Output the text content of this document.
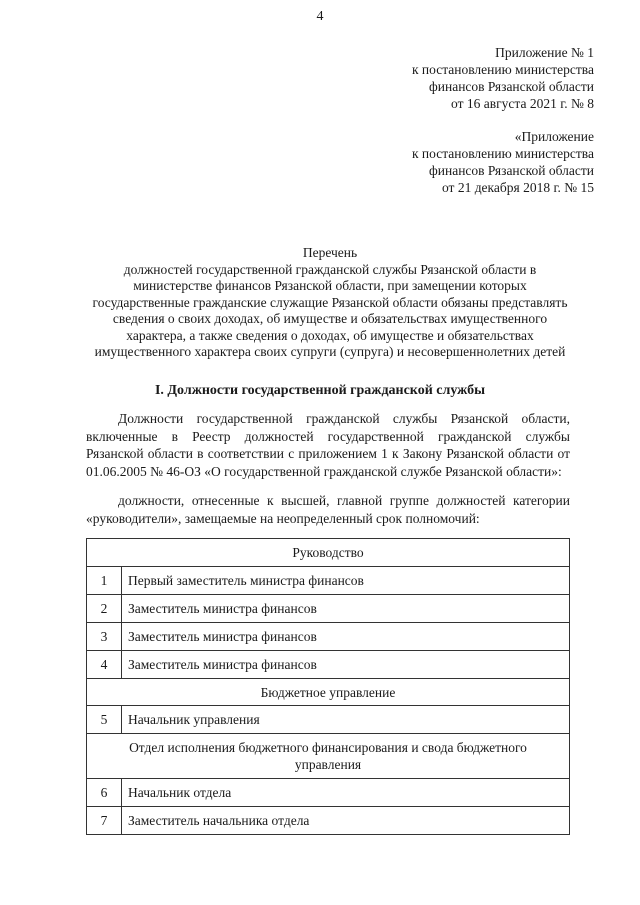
4
Приложение № 1
к постановлению министерства
финансов Рязанской области
от 16 августа 2021 г. № 8
«Приложение
к постановлению министерства
финансов Рязанской области
от 21 декабря 2018 г. № 15
Перечень
должностей государственной гражданской службы Рязанской области в
министерстве финансов Рязанской области, при замещении которых
государственные гражданские служащие Рязанской области обязаны представлять
сведения о своих доходах, об имуществе и обязательствах имущественного
характера, а также сведения о доходах, об имуществе и обязательствах
имущественного характера своих супруги (супруга) и несовершеннолетних детей
I. Должности государственной гражданской службы
Должности государственной гражданской службы Рязанской области,
включенные в Реестр должностей государственной гражданской службы
Рязанской области в соответствии с приложением 1 к Закону Рязанской области от
01.06.2005 № 46-ОЗ «О государственной гражданской службе Рязанской области»:
должности, отнесенные к высшей, главной группе должностей категории
«руководители», замещаемые на неопределенный срок полномочий:
Руководство	
1	Первый заместитель министра финансов
2	Заместитель министра финансов
3	Заместитель министра финансов
4	Заместитель министра финансов
Бюджетное управление	
5	Начальник управления

Отдел исполнения бюджетного финансирования и свода бюджетного
управления	

6	Начальник отдела
7	Заместитель начальника отдела
